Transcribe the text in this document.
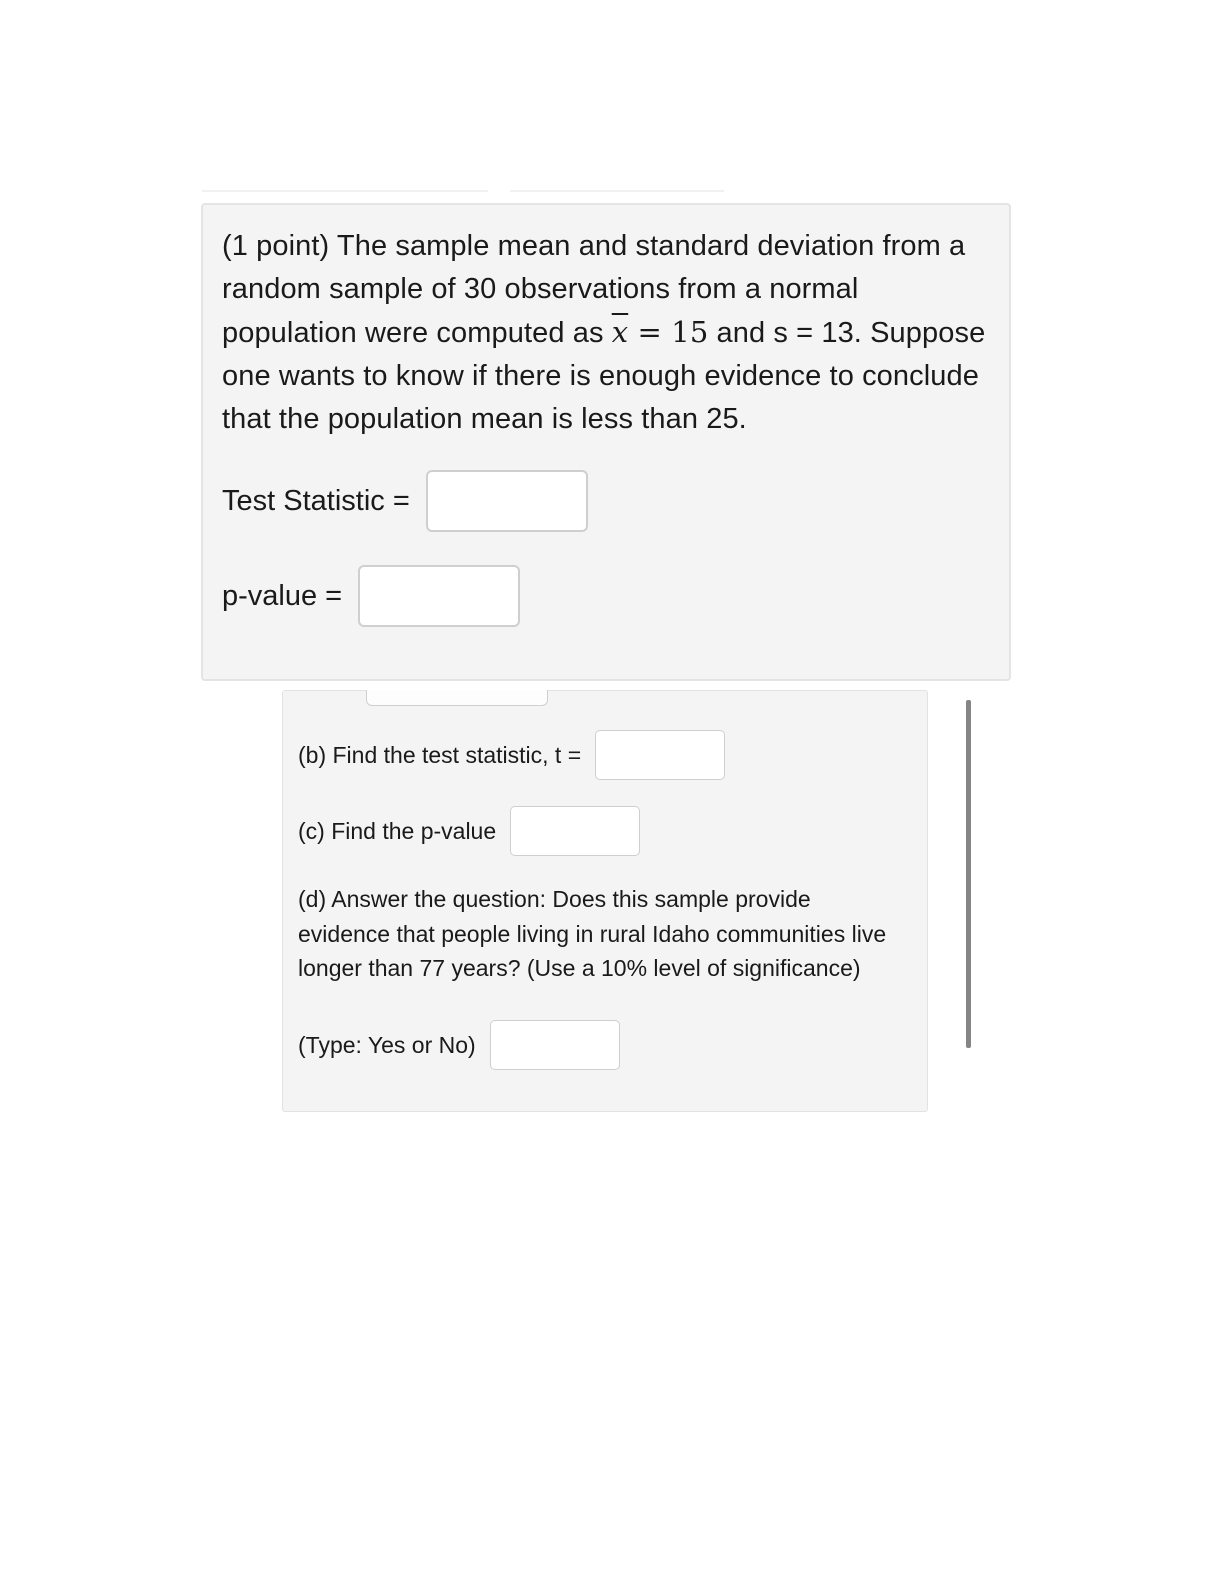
(b) Find the test statistic, t =
(c) Find the p-value
(d) Answer the question: Does this sample provide evidence that people living in rural Idaho communities live longer than 77 years? (Use a 10% level of significance)
(Type: Yes or No)
(1 point) The sample mean and standard deviation from a random sample of 30 observations from a normal population were computed as $\overline{x} = 15$ and s = 13. Suppose one wants to know if there is enough evidence to conclude that the population mean is less than 25.
Test Statistic =
p-value =
